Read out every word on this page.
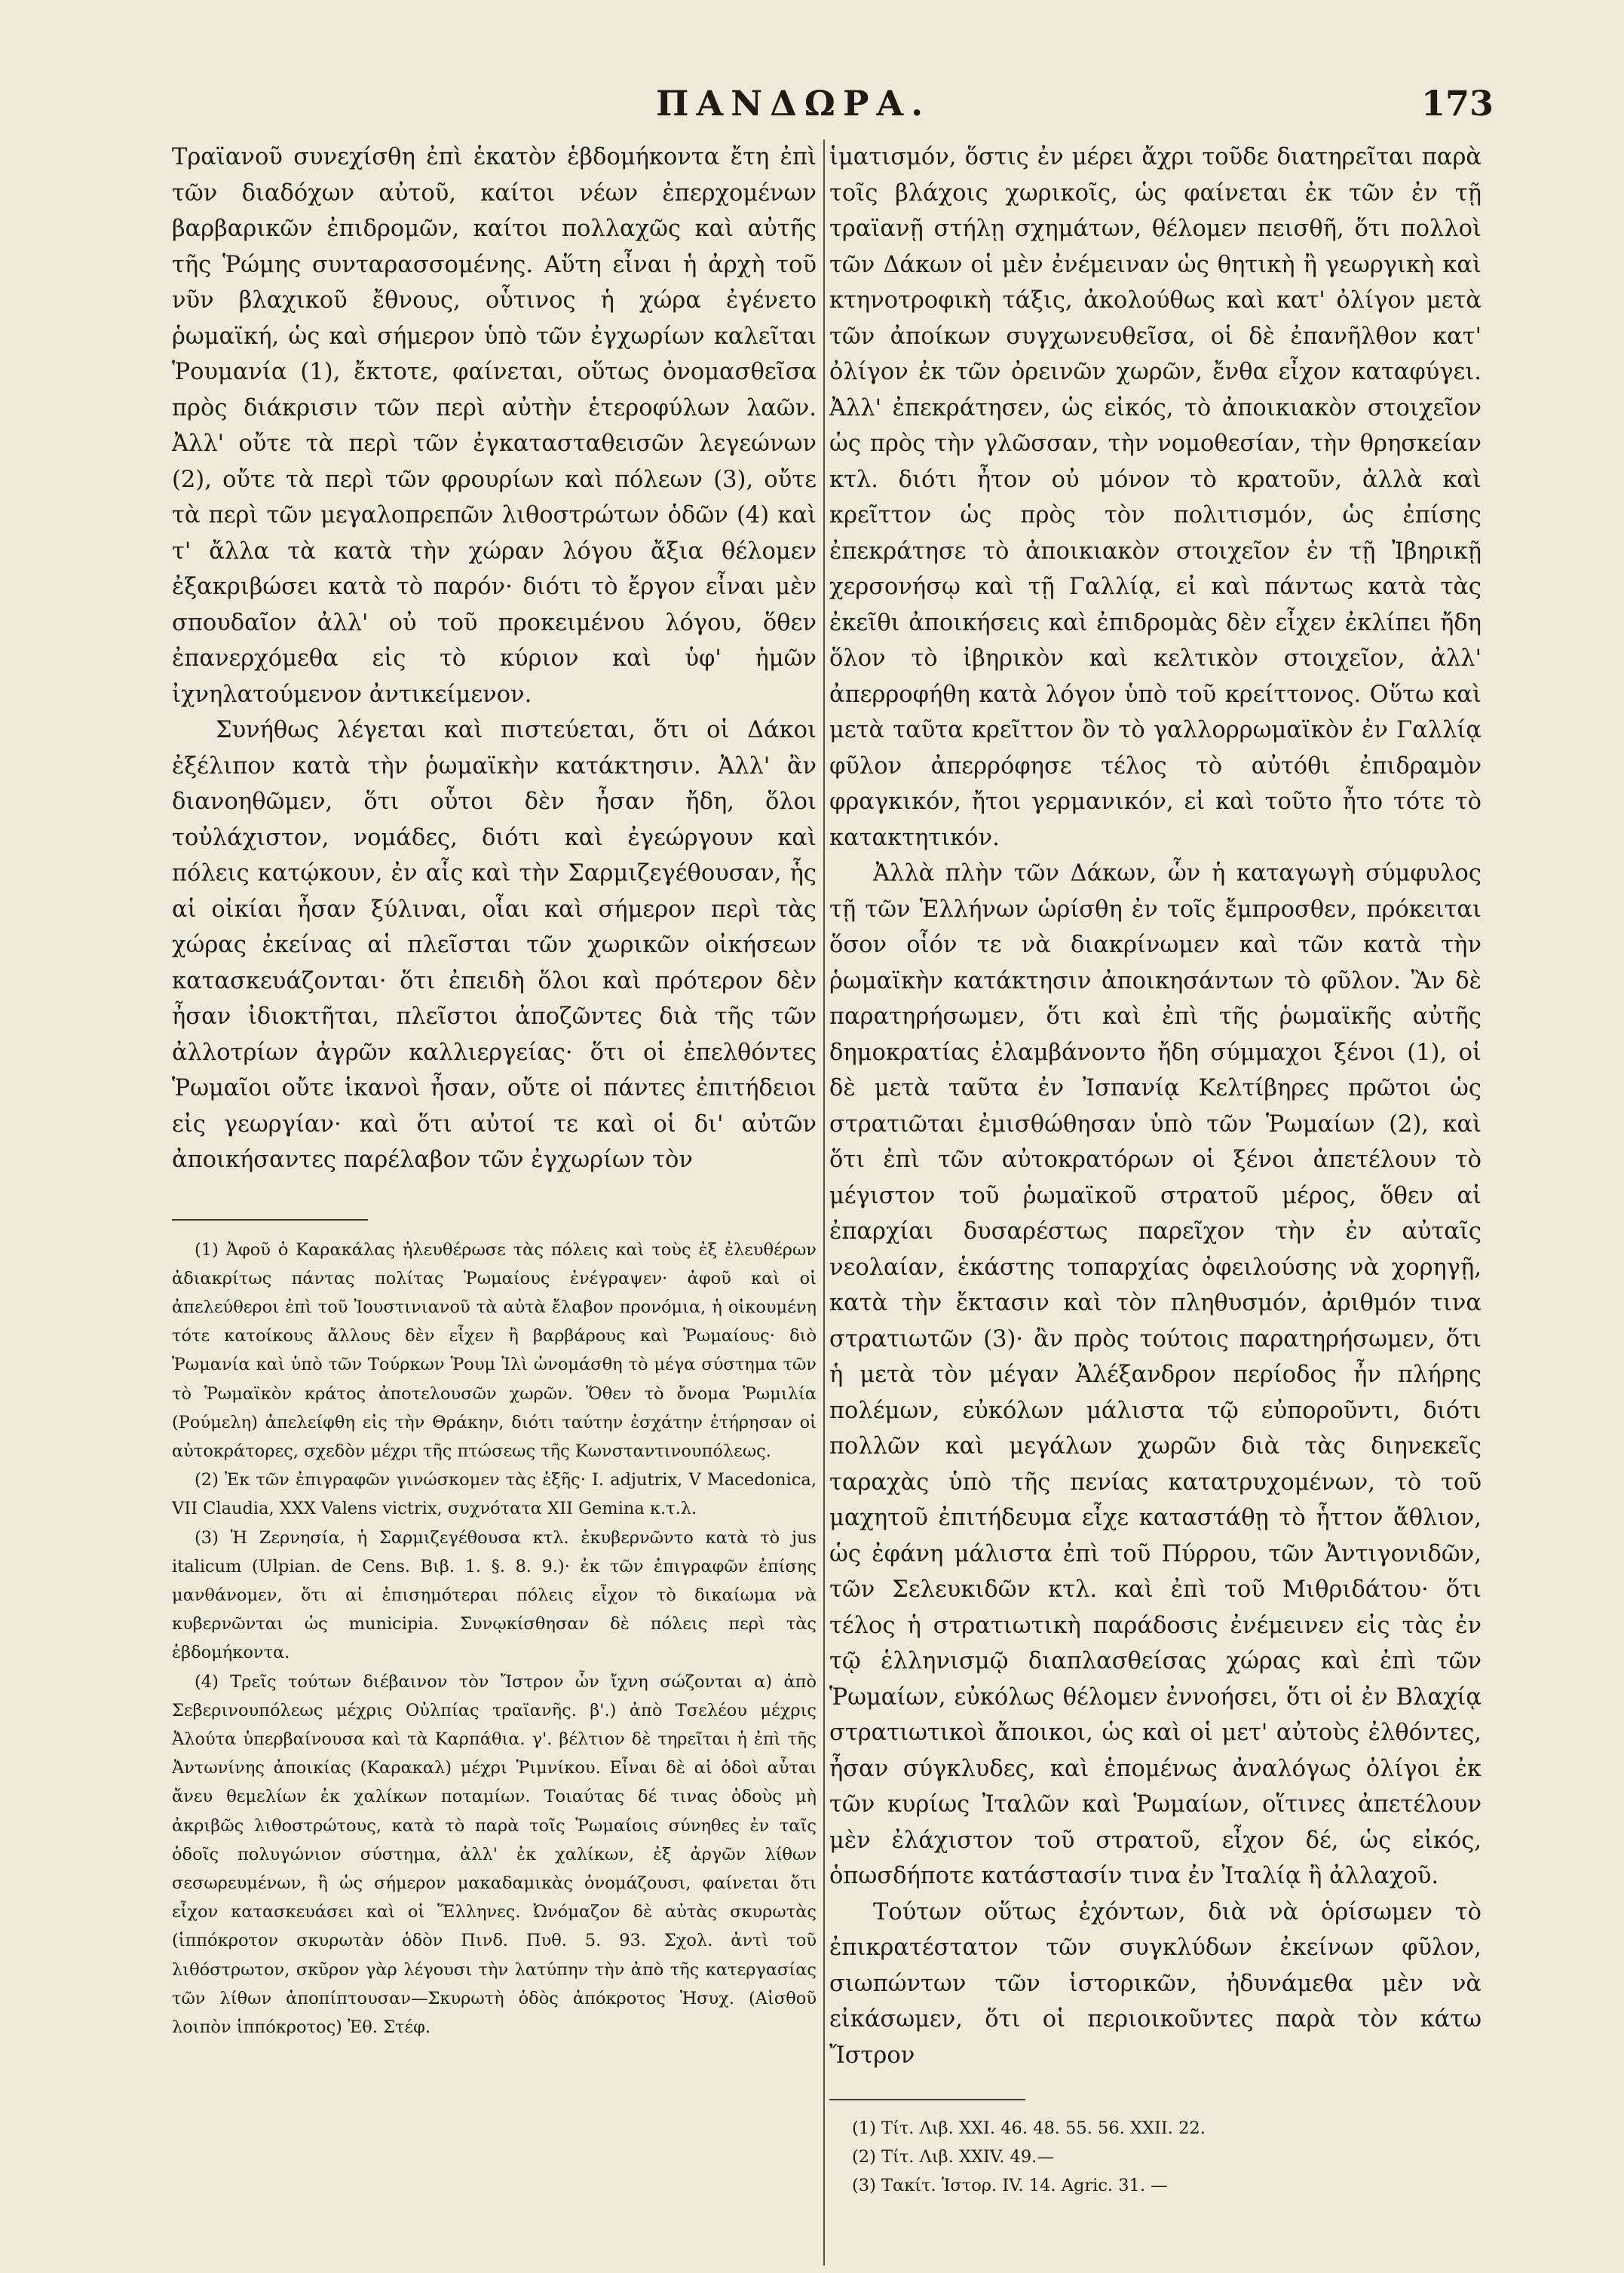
ΠΑΝΔΩΡΑ.	173

Τραϊανοῦ συνεχίσθη ἐπὶ ἑκατὸν ἑβδομήκοντα ἔτη ἐπὶ τῶν διαδόχων αὐτοῦ, καίτοι νέων ἐπερχομένων βαρβαρικῶν ἐπιδρομῶν, καίτοι πολλαχῶς καὶ αὐτῆς τῆς Ῥώμης συνταρασσομένης. Αὕτη εἶναι ἡ ἀρχὴ τοῦ νῦν βλαχικοῦ ἔθνους, οὗτινος ἡ χώρα ἐγένετο ῥωμαϊκή, ὡς καὶ σήμερον ὑπὸ τῶν ἐγχωρίων καλεῖται Ῥουμανία (1), ἔκτοτε, φαίνεται, οὕτως ὀνομασθεῖσα πρὸς διάκρισιν τῶν περὶ αὐτὴν ἑτεροφύλων λαῶν. Ἀλλ' οὔτε τὰ περὶ τῶν ἐγκατασταθεισῶν λεγεώνων (2), οὔτε τὰ περὶ τῶν φρουρίων καὶ πόλεων (3), οὔτε τὰ περὶ τῶν μεγαλοπρεπῶν λιθοστρώτων ὁδῶν (4) καὶ τ' ἄλλα τὰ κατὰ τὴν χώραν λόγου ἄξια θέλομεν ἐξακριβώσει κατὰ τὸ παρόν· διότι τὸ ἔργον εἶναι μὲν σπουδαῖον ἀλλ' οὐ τοῦ προκειμένου λόγου, ὅθεν ἐπανερχόμεθα εἰς τὸ κύριον καὶ ὑφ' ἡμῶν ἰχνηλατούμενον ἀντικείμενον.

Συνήθως λέγεται καὶ πιστεύεται, ὅτι οἱ Δάκοι ἐξέλιπον κατὰ τὴν ῥωμαϊκὴν κατάκτησιν. Ἀλλ' ἂν διανοηθῶμεν, ὅτι οὗτοι δὲν ἦσαν ἤδη, ὅλοι τοὐλάχιστον, νομάδες, διότι καὶ ἐγεώργουν καὶ πόλεις κατῴκουν, ἐν αἷς καὶ τὴν Σαρμιζεγέθουσαν, ἧς αἱ οἰκίαι ἦσαν ξύλιναι, οἷαι καὶ σήμερον περὶ τὰς χώρας ἐκείνας αἱ πλεῖσται τῶν χωρικῶν οἰκήσεων κατασκευάζονται· ὅτι ἐπειδὴ ὅλοι καὶ πρότερον δὲν ἦσαν ἰδιοκτῆται, πλεῖστοι ἀποζῶντες διὰ τῆς τῶν ἀλλοτρίων ἀγρῶν καλλιεργείας· ὅτι οἱ ἐπελθόντες Ῥωμαῖοι οὔτε ἱκανοὶ ἦσαν, οὔτε οἱ πάντες ἐπιτήδειοι εἰς γεωργίαν· καὶ ὅτι αὐτοί τε καὶ οἱ δι' αὐτῶν ἀποικήσαντες παρέλαβον τῶν ἐγχωρίων τὸν

(1) Ἀφοῦ ὁ Καρακάλας ἠλευθέρωσε τὰς πόλεις καὶ τοὺς ἐξ ἐλευθέρων ἀδιακρίτως πάντας πολίτας Ῥωμαίους ἐνέγραψεν· ἀφοῦ καὶ οἱ ἀπελεύθεροι ἐπὶ τοῦ Ἰουστινιανοῦ τὰ αὐτὰ ἔλαβον προνόμια, ἡ οἰκουμένη τότε κατοίκους ἄλλους δὲν εἶχεν ἢ βαρβάρους καὶ Ῥωμαίους· διὸ Ῥωμανία καὶ ὑπὸ τῶν Τούρκων Ῥουμ Ἰλὶ ὠνομάσθη τὸ μέγα σύστημα τῶν τὸ Ῥωμαϊκὸν κράτος ἀποτελουσῶν χωρῶν. Ὅθεν τὸ ὄνομα Ῥωμιλία (Ρούμελη) ἀπελείφθη εἰς τὴν Θράκην, διότι ταύτην ἐσχάτην ἐτήρησαν οἱ αὐτοκράτορες, σχεδὸν μέχρι τῆς πτώσεως τῆς Κωνσταντινουπόλεως.

(2) Ἐκ τῶν ἐπιγραφῶν γινώσκομεν τὰς ἑξῆς· I. adjutrix, V Macedonica, VII Claudia, XXX Valens victrix, συχνότατα XII Gemina κ.τ.λ.

(3) Ἡ Ζερνησία, ἡ Σαρμιζεγέθουσα κτλ. ἐκυβερνῶντο κατὰ τὸ jus italicum (Ulpian. de Cens. Βιβ. 1. §. 8. 9.)· ἐκ τῶν ἐπιγραφῶν ἐπίσης μανθάνομεν, ὅτι αἱ ἐπισημότεραι πόλεις εἶχον τὸ δικαίωμα νὰ κυβερνῶνται ὡς municipia. Συνῳκίσθησαν δὲ πόλεις περὶ τὰς ἑβδομήκοντα.

(4) Τρεῖς τούτων διέβαινον τὸν Ἴστρον ὧν ἴχνη σώζονται α) ἀπὸ Σεβερινουπόλεως μέχρις Οὐλπίας τραϊανῆς. β'.) ἀπὸ Τσελέου μέχρις Ἀλούτα ὑπερβαίνουσα καὶ τὰ Καρπάθια. γ'. βέλτιον δὲ τηρεῖται ἡ ἐπὶ τῆς Ἀντωνίνης ἀποικίας (Καρακαλ) μέχρι Ῥιμνίκου. Εἶναι δὲ αἱ ὁδοὶ αὗται ἄνευ θεμελίων ἐκ χαλίκων ποταμίων. Τοιαύτας δέ τινας ὁδοὺς μὴ ἀκριβῶς λιθοστρώτους, κατὰ τὸ παρὰ τοῖς Ῥωμαίοις σύνηθες ἐν ταῖς ὁδοῖς πολυγώνιον σύστημα, ἀλλ' ἐκ χαλίκων, ἐξ ἀργῶν λίθων σεσωρευμένων, ἢ ὡς σήμερον μακαδαμικὰς ὀνομάζουσι, φαίνεται ὅτι εἶχον κατασκευάσει καὶ οἱ Ἕλληνες. Ὠνόμαζον δὲ αὐτὰς σκυρωτὰς (ἱππόκροτον σκυρωτὰν ὁδὸν Πινδ. Πυθ. 5. 93. Σχολ. ἀντὶ τοῦ λιθόστρωτον, σκῦρον γὰρ λέγουσι τὴν λατύπην τὴν ἀπὸ τῆς κατεργασίας τῶν λίθων ἀποπίπτουσαν—Σκυρωτὴ ὁδὸς ἀπόκροτος Ἡσυχ. (Αἰσθοῦ λοιπὸν ἱππόκροτος) Ἐθ. Στέφ.

ἱματισμόν, ὅστις ἐν μέρει ἄχρι τοῦδε διατηρεῖται παρὰ τοῖς βλάχοις χωρικοῖς, ὡς φαίνεται ἐκ τῶν ἐν τῇ τραϊανῇ στήλῃ σχημάτων, θέλομεν πεισθῆ, ὅτι πολλοὶ τῶν Δάκων οἱ μὲν ἐνέμειναν ὡς θητικὴ ἢ γεωργικὴ καὶ κτηνοτροφικὴ τάξις, ἀκολούθως καὶ κατ' ὀλίγον μετὰ τῶν ἀποίκων συγχωνευθεῖσα, οἱ δὲ ἐπανῆλθον κατ' ὀλίγον ἐκ τῶν ὀρεινῶν χωρῶν, ἔνθα εἶχον καταφύγει. Ἀλλ' ἐπεκράτησεν, ὡς εἰκός, τὸ ἀποικιακὸν στοιχεῖον ὡς πρὸς τὴν γλῶσσαν, τὴν νομοθεσίαν, τὴν θρησκείαν κτλ. διότι ἦτον οὐ μόνον τὸ κρατοῦν, ἀλλὰ καὶ κρεῖττον ὡς πρὸς τὸν πολιτισμόν, ὡς ἐπίσης ἐπεκράτησε τὸ ἀποικιακὸν στοιχεῖον ἐν τῇ Ἰβηρικῇ χερσονήσῳ καὶ τῇ Γαλλίᾳ, εἰ καὶ πάντως κατὰ τὰς ἐκεῖθι ἀποικήσεις καὶ ἐπιδρομὰς δὲν εἶχεν ἐκλίπει ἤδη ὅλον τὸ ἰβηρικὸν καὶ κελτικὸν στοιχεῖον, ἀλλ' ἀπερροφήθη κατὰ λόγον ὑπὸ τοῦ κρείττονος. Οὕτω καὶ μετὰ ταῦτα κρεῖττον ὂν τὸ γαλλορρωμαϊκὸν ἐν Γαλλίᾳ φῦλον ἀπερρόφησε τέλος τὸ αὐτόθι ἐπιδραμὸν φραγκικόν, ἤτοι γερμανικόν, εἰ καὶ τοῦτο ἦτο τότε τὸ κατακτητικόν.

Ἀλλὰ πλὴν τῶν Δάκων, ὧν ἡ καταγωγὴ σύμφυλος τῇ τῶν Ἑλλήνων ὡρίσθη ἐν τοῖς ἔμπροσθεν, πρόκειται ὅσον οἷόν τε νὰ διακρίνωμεν καὶ τῶν κατὰ τὴν ῥωμαϊκὴν κατάκτησιν ἀποικησάντων τὸ φῦλον. Ἂν δὲ παρατηρήσωμεν, ὅτι καὶ ἐπὶ τῆς ῥωμαϊκῆς αὐτῆς δημοκρατίας ἐλαμβάνοντο ἤδη σύμμαχοι ξένοι (1), οἱ δὲ μετὰ ταῦτα ἐν Ἰσπανίᾳ Κελτίβηρες πρῶτοι ὡς στρατιῶται ἐμισθώθησαν ὑπὸ τῶν Ῥωμαίων (2), καὶ ὅτι ἐπὶ τῶν αὐτοκρατόρων οἱ ξένοι ἀπετέλουν τὸ μέγιστον τοῦ ῥωμαϊκοῦ στρατοῦ μέρος, ὅθεν αἱ ἐπαρχίαι δυσαρέστως παρεῖχον τὴν ἐν αὐταῖς νεολαίαν, ἑκάστης τοπαρχίας ὀφειλούσης νὰ χορηγῇ, κατὰ τὴν ἔκτασιν καὶ τὸν πληθυσμόν, ἀριθμόν τινα στρατιωτῶν (3)· ἂν πρὸς τούτοις παρατηρήσωμεν, ὅτι ἡ μετὰ τὸν μέγαν Ἀλέξανδρον περίοδος ἦν πλήρης πολέμων, εὐκόλων μάλιστα τῷ εὐποροῦντι, διότι πολλῶν καὶ μεγάλων χωρῶν διὰ τὰς διηνεκεῖς ταραχὰς ὑπὸ τῆς πενίας κατατρυχομένων, τὸ τοῦ μαχητοῦ ἐπιτήδευμα εἶχε καταστάθῃ τὸ ἧττον ἄθλιον, ὡς ἐφάνη μάλιστα ἐπὶ τοῦ Πύρρου, τῶν Ἀντιγονιδῶν, τῶν Σελευκιδῶν κτλ. καὶ ἐπὶ τοῦ Μιθριδάτου· ὅτι τέλος ἡ στρατιωτικὴ παράδοσις ἐνέμεινεν εἰς τὰς ἐν τῷ ἑλληνισμῷ διαπλασθείσας χώρας καὶ ἐπὶ τῶν Ῥωμαίων, εὐκόλως θέλομεν ἐννοήσει, ὅτι οἱ ἐν Βλαχίᾳ στρατιωτικοὶ ἄποικοι, ὡς καὶ οἱ μετ' αὐτοὺς ἐλθόντες, ἦσαν σύγκλυδες, καὶ ἑπομένως ἀναλόγως ὀλίγοι ἐκ τῶν κυρίως Ἰταλῶν καὶ Ῥωμαίων, οἵτινες ἀπετέλουν μὲν ἐλάχιστον τοῦ στρατοῦ, εἶχον δέ, ὡς εἰκός, ὁπωσδήποτε κατάστασίν τινα ἐν Ἰταλίᾳ ἢ ἀλλαχοῦ.

Τούτων οὕτως ἐχόντων, διὰ νὰ ὁρίσωμεν τὸ ἐπικρατέστατον τῶν συγκλύδων ἐκείνων φῦλον, σιωπώντων τῶν ἱστορικῶν, ἠδυνάμεθα μὲν νὰ εἰκάσωμεν, ὅτι οἱ περιοικοῦντες παρὰ τὸν κάτω Ἴστρον

(1) Τίτ. Λιβ. XXI. 46. 48. 55. 56. XXII. 22.

(2) Τίτ. Λιβ. XXIV. 49.—

(3) Τακίτ. Ἱστορ. IV. 14. Agric. 31. —
